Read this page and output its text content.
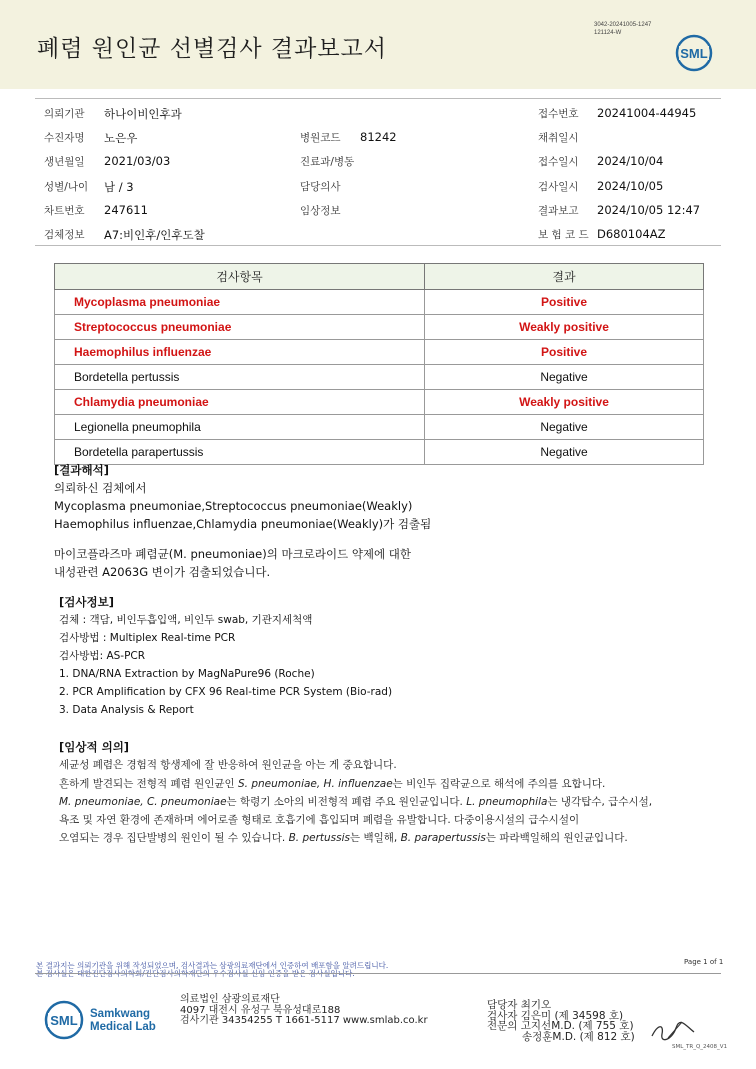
폐렴 원인균 선별검사 결과보고서
3042-20241005-1247
121124-W
SML
의뢰기관 하나이비인후과	접수번호 20241004-44945
수진자명 노은우	병원코드 81242	채취일시
생년월일 2021/03/03	진료과/병동	접수일시 2024/10/04
성별/나이 남 / 3	담당의사	검사일시 2024/10/05
차트번호 247611	임상정보	결과보고 2024/10/05 12:47
검체정보 A7:비인후/인후도찰	보 험 코 드 D680104AZ
검사항목	결과
Mycoplasma pneumoniae	Positive
Streptococcus pneumoniae	Weakly positive
Haemophilus influenzae	Positive
Bordetella pertussis	Negative
Chlamydia pneumoniae	Weakly positive
Legionella pneumophila	Negative
Bordetella parapertussis	Negative
[결과해석]
의뢰하신 검체에서
Mycoplasma pneumoniae,Streptococcus pneumoniae(Weakly)
Haemophilus influenzae,Chlamydia pneumoniae(Weakly)가 검출됨
마이코플라즈마 폐렴균(M. pneumoniae)의 마크로라이드 약제에 대한
내성관련 A2063G 변이가 검출되었습니다.
[검사정보]
검체 : 객담, 비인두흡입액, 비인두 swab, 기관지세척액
검사방법 : Multiplex Real-time PCR
검사방법: AS-PCR
1. DNA/RNA Extraction by MagNaPure96 (Roche)
2. PCR Amplification by CFX 96 Real-time PCR System (Bio-rad)
3. Data Analysis & Report
[임상적 의의]
세균성 폐렴은 경험적 항생제에 잘 반응하여 원인균을 아는 게 중요합니다.
흔하게 발견되는 전형적 폐렴 원인균인 S. pneumoniae, H. influenzae는 비인두 집락균으로 해석에 주의를 요합니다.
M. pneumoniae, C. pneumoniae는 학령기 소아의 비전형적 폐렴 주요 원인균입니다. L. pneumophila는 냉각탑수, 급수시설,
욕조 및 자연 환경에 존재하며 에어로졸 형태로 호흡기에 흡입되며 폐렴을 유발합니다. 다중이용시설의 급수시설이
오염되는 경우 집단발병의 원인이 될 수 있습니다. B. pertussis는 백일해, B. parapertussis는 파라백일해의 원인균입니다.
본 결과지는 의뢰기관을 위해 작성되었으며, 검사결과는 삼광의료재단에서 인증하여 배포함을 알려드립니다.
본 검사실은 대한진단검사의학회/진단검사의학재단의 우수검사실 신임 인증을 받은 검사실입니다.
Page 1 of 1
SML Samkwang
Medical Lab
의료법인 삼광의료재단
4097 대전시 유성구 북유성대로188
검사기관 34354255 T 1661-5117 www.smlab.co.kr
담당자 최기오
검사자 김은미 (제 34598 호)
전문의 고지선M.D. (제 755 호)
송정훈M.D. (제 812 호)
SML_TR_Q_2408_V1
